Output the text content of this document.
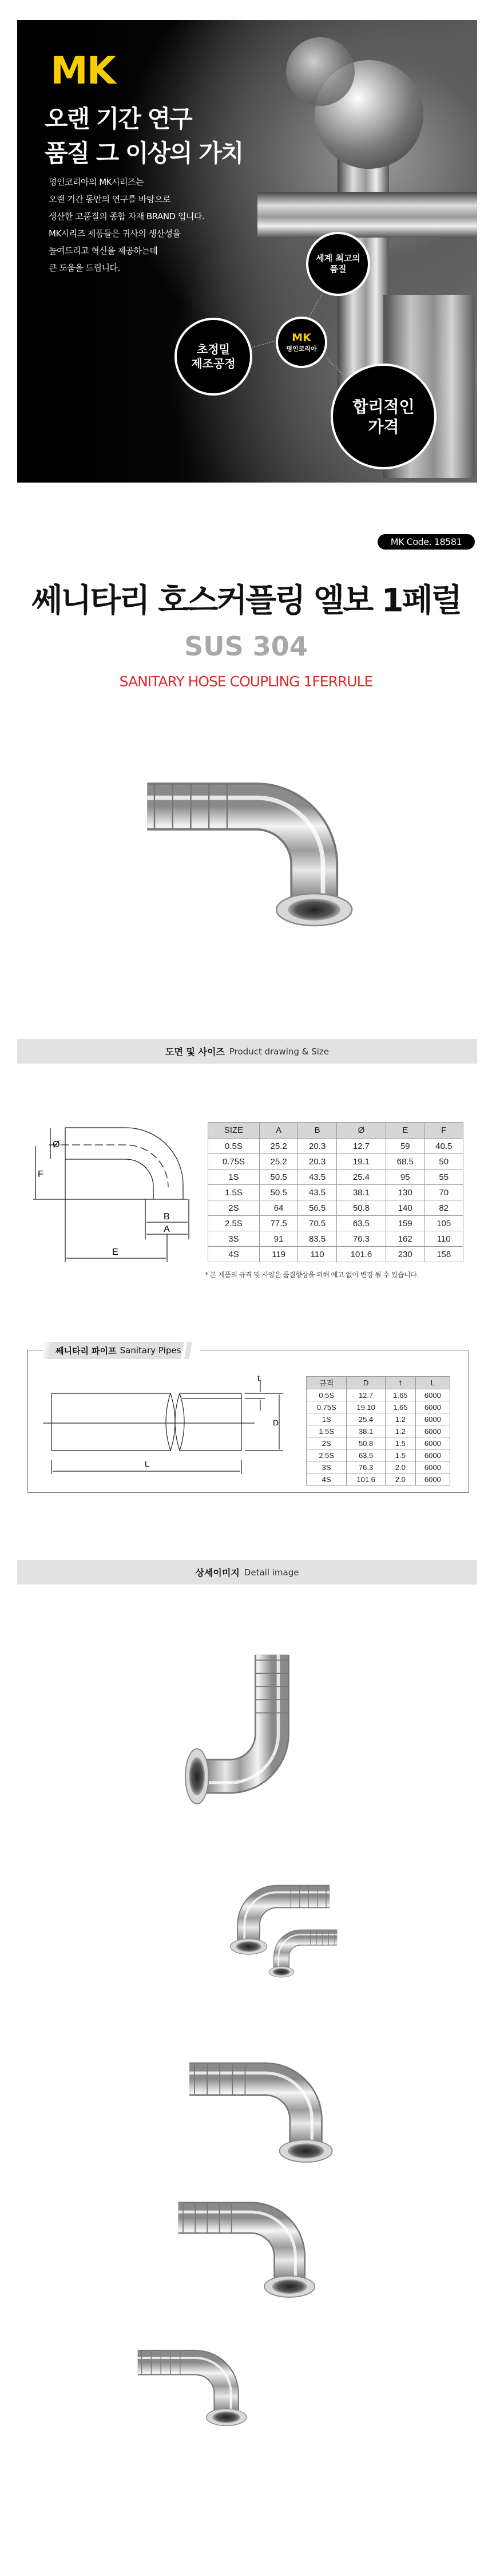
MK
오랜 기간 연구
품질 그 이상의 가치
명인코리아의 MK시리즈는
오랜 기간 동안의 연구를 바탕으로
생산한 고품질의 종합 자재 BRAND 입니다.
MK시리즈 제품들은 귀사의 생산성을
높여드리고 혁신을 제공하는데
큰 도움을 드립니다.
세계 최고의
품질
MK
명인코리아
초정밀
제조공정
합리적인
가격
MK Code. 18581
쎄니타리 호스커플링 엘보 1페럴
SUS 304
SANITARY HOSE COUPLING 1FERRULE
도면 및 사이즈 Product drawing & Size
Ø
F
B
A
E
SIZE	A	B	Ø	E	F
0.5S	25.2	20.3	12.7	59	40.5
0.75S	25.2	20.3	19.1	68.5	50
1S	50.5	43.5	25.4	95	55
1.5S	50.5	43.5	38.1	130	70
2S	64	56.5	50.8	140	82
2.5S	77.5	70.5	63.5	159	105
3S	91	83.5	76.3	162	110
4S	119	110	101.6	230	158
* 본 제품의 규격 및 사양은 품질향상을 위해 예고 없이 변경 될 수 있습니다.
쎄니타리 파이프 Sanitary Pipes
t
D
L
규격	D	t	L
0.5S	12.7	1.65	6000
0.75S	19.10	1.65	6000
1S	25.4	1.2	6000
1.5S	38.1	1.2	6000
2S	50.8	1.5	6000
2.5S	63.5	1.5	6000
3S	76.3	2.0	6000
4S	101.6	2.0	6000
상세이미지 Detail image
